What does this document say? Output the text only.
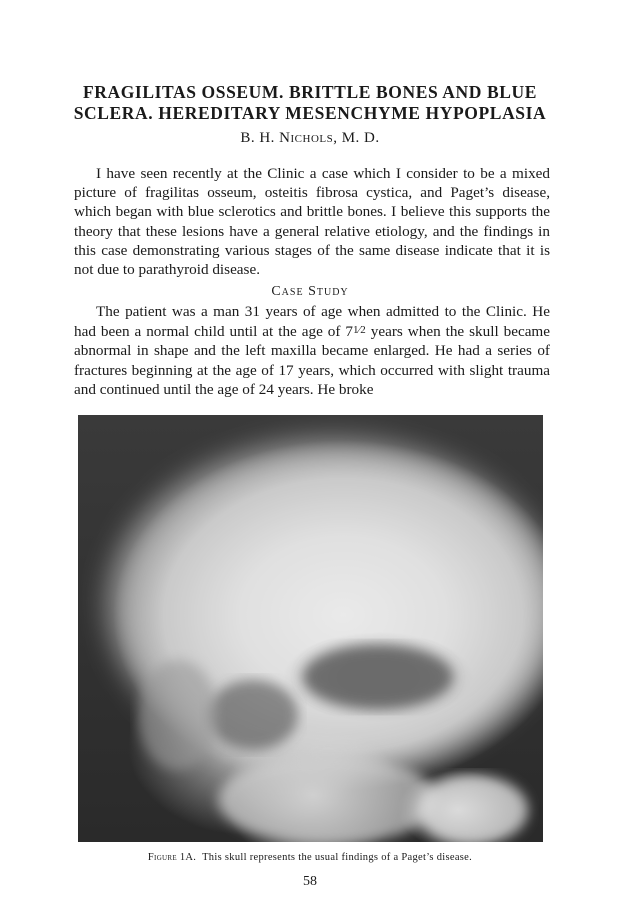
FRAGILITAS OSSEUM. BRITTLE BONES AND BLUE SCLERA. HEREDITARY MESENCHYME HYPOPLASIA
B. H. Nichols, M. D.

I have seen recently at the Clinic a case which I consider to be a mixed picture of fragilitas osseum, osteitis fibrosa cystica, and Paget’s disease, which began with blue sclerotics and brittle bones. I believe this supports the theory that these lesions have a general relative etiology, and the findings in this case demonstrating various stages of the same disease indicate that it is not due to parathyroid disease.

Case Study

The patient was a man 31 years of age when admitted to the Clinic. He had been a normal child until at the age of 71⁄2 years when the skull became abnormal in shape and the left maxilla became enlarged. He had a series of fractures beginning at the age of 17 years, which occurred with slight trauma and continued until the age of 24 years. He broke

Figure 1A. This skull represents the usual findings of a Paget’s disease.
58
